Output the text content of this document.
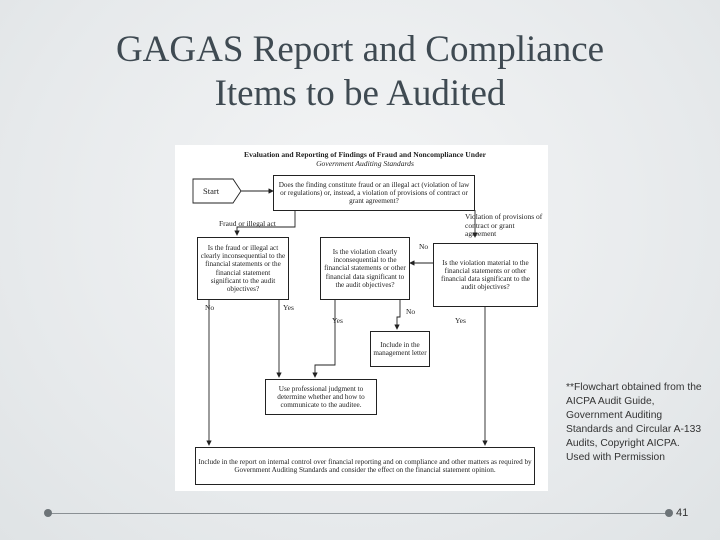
GAGAS Report and Compliance
Items to be Audited
Evaluation and Reporting of Findings of Fraud and Noncompliance Under
Government Auditing Standards
Start
Does the finding constitute fraud or an illegal act (violation of law or regulations) or, instead, a violation of provisions of contract or grant agreement?
Fraud or illegal act
Violation of provisions of contract or grant agreement
Is the fraud or illegal act clearly inconsequential to the financial statements or the financial statement significant to the audit objectives?
Is the violation clearly inconsequential to the financial statements or other financial data significant to the audit objectives?
No
Is the violation material to the financial statements or other financial data significant to the audit objectives?
No	Yes
Yes
No
Yes
Include in the management letter
Use professional judgment to determine whether and how to communicate to the auditee.
Include in the report on internal control over financial reporting and on compliance and other matters as required by Government Auditing Standards and consider the effect on the financial statement opinion.
**Flowchart obtained from the AICPA Audit Guide, Government Auditing Standards and Circular A-133 Audits, Copyright AICPA. Used with Permission
41
